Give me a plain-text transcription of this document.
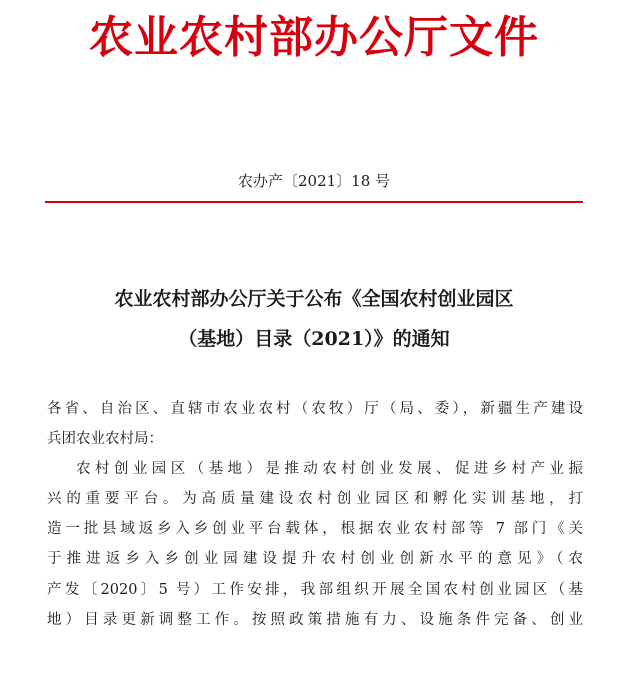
农业农村部办公厅文件
农办产〔2021〕18 号
农业农村部办公厅关于公布《全国农村创业园区
（基地）目录（2021）》的通知
各省、自治区、直辖市农业农村（农牧）厅（局、委），新疆生产建设
兵团农业农村局：
农村创业园区（基地）是推动农村创业发展、促进乡村产业振
兴的重要平台。为高质量建设农村创业园区和孵化实训基地，打
造一批县域返乡入乡创业平台载体，根据农业农村部等 7 部门《关
于推进返乡入乡创业园建设提升农村创业创新水平的意见》（农
产发〔2020〕5 号）工作安排，我部组织开展全国农村创业园区（基
地）目录更新调整工作。按照政策措施有力、设施条件完备、创业
